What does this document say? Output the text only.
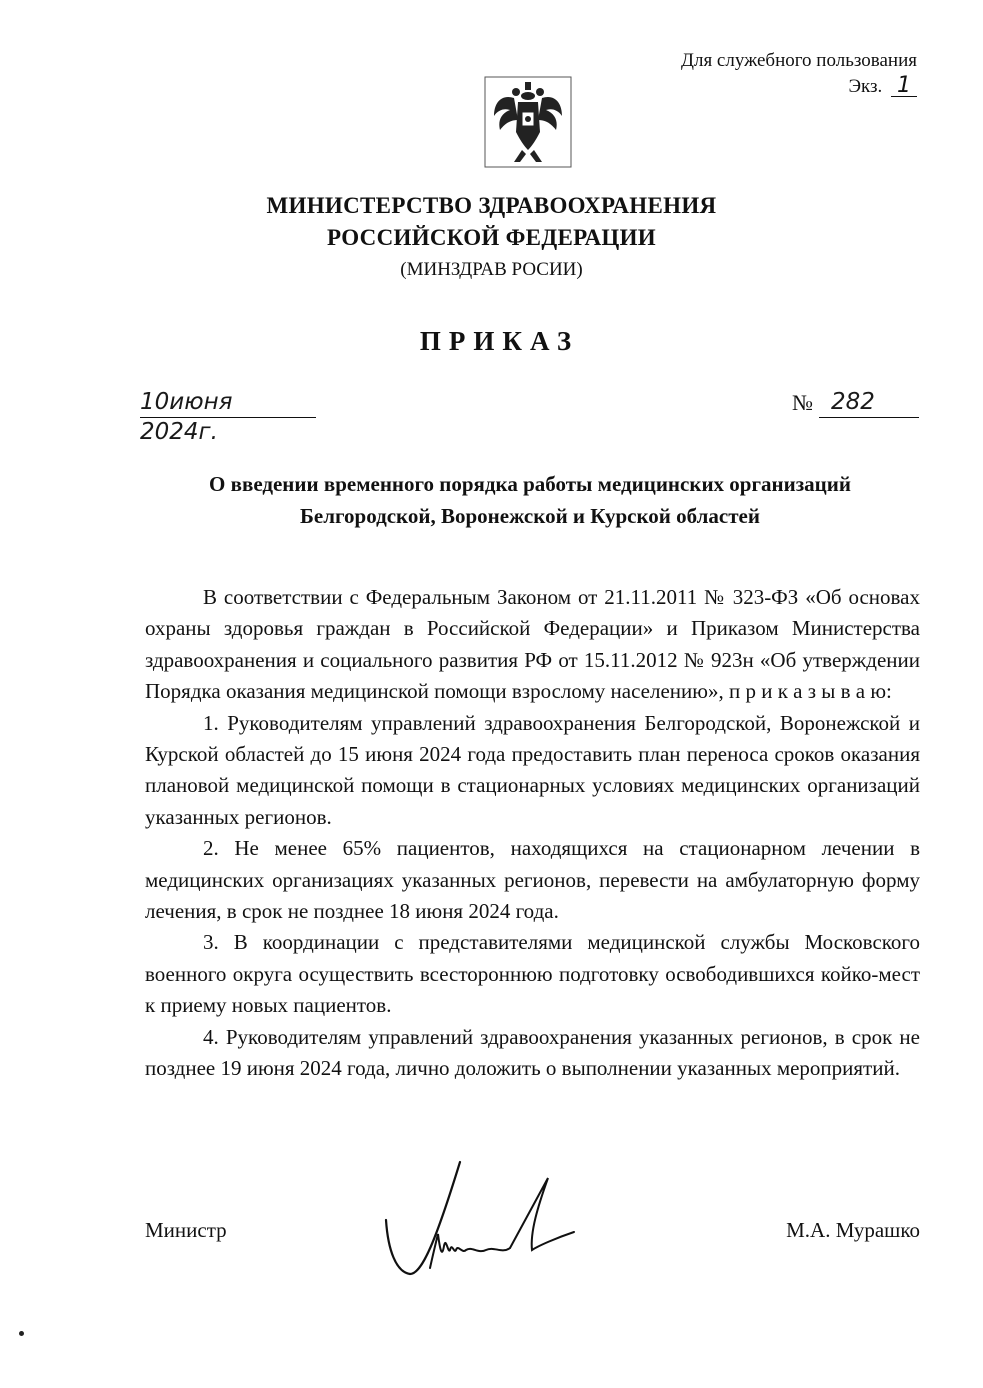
Для служебного пользования
Экз. 1
МИНИСТЕРСТВО ЗДРАВООХРАНЕНИЯ
РОССИЙСКОЙ ФЕДЕРАЦИИ
(МИНЗДРАВ РОСИИ)
ПРИКАЗ
10июня 2024г.
№ 282
О введении временного порядка работы медицинских организаций
Белгородской, Воронежской и Курской областей

В соответствии с Федеральным Законом от 21.11.2011 № 323-ФЗ «Об основах охраны здоровья граждан в Российской Федерации» и Приказом Министерства здравоохранения и социального развития РФ от 15.11.2012 № 923н «Об утверждении Порядка оказания медицинской помощи взрослому населению», п р и к а з ы в а ю:

1. Руководителям управлений здравоохранения Белгородской, Воронежской и Курской областей до 15 июня 2024 года предоставить план переноса сроков оказания плановой медицинской помощи в стационарных условиях медицинских организаций указанных регионов.

2. Не менее 65% пациентов, находящихся на стационарном лечении в медицинских организациях указанных регионов, перевести на амбулаторную форму лечения, в срок не позднее 18 июня 2024 года.

3. В координации с представителями медицинской службы Московского военного округа осуществить всестороннюю подготовку освободившихся койко-мест к приему новых пациентов.

4. Руководителям управлений здравоохранения указанных регионов, в срок не позднее 19 июня 2024 года, лично доложить о выполнении указанных мероприятий.

Министр	М.А. Мурашко
